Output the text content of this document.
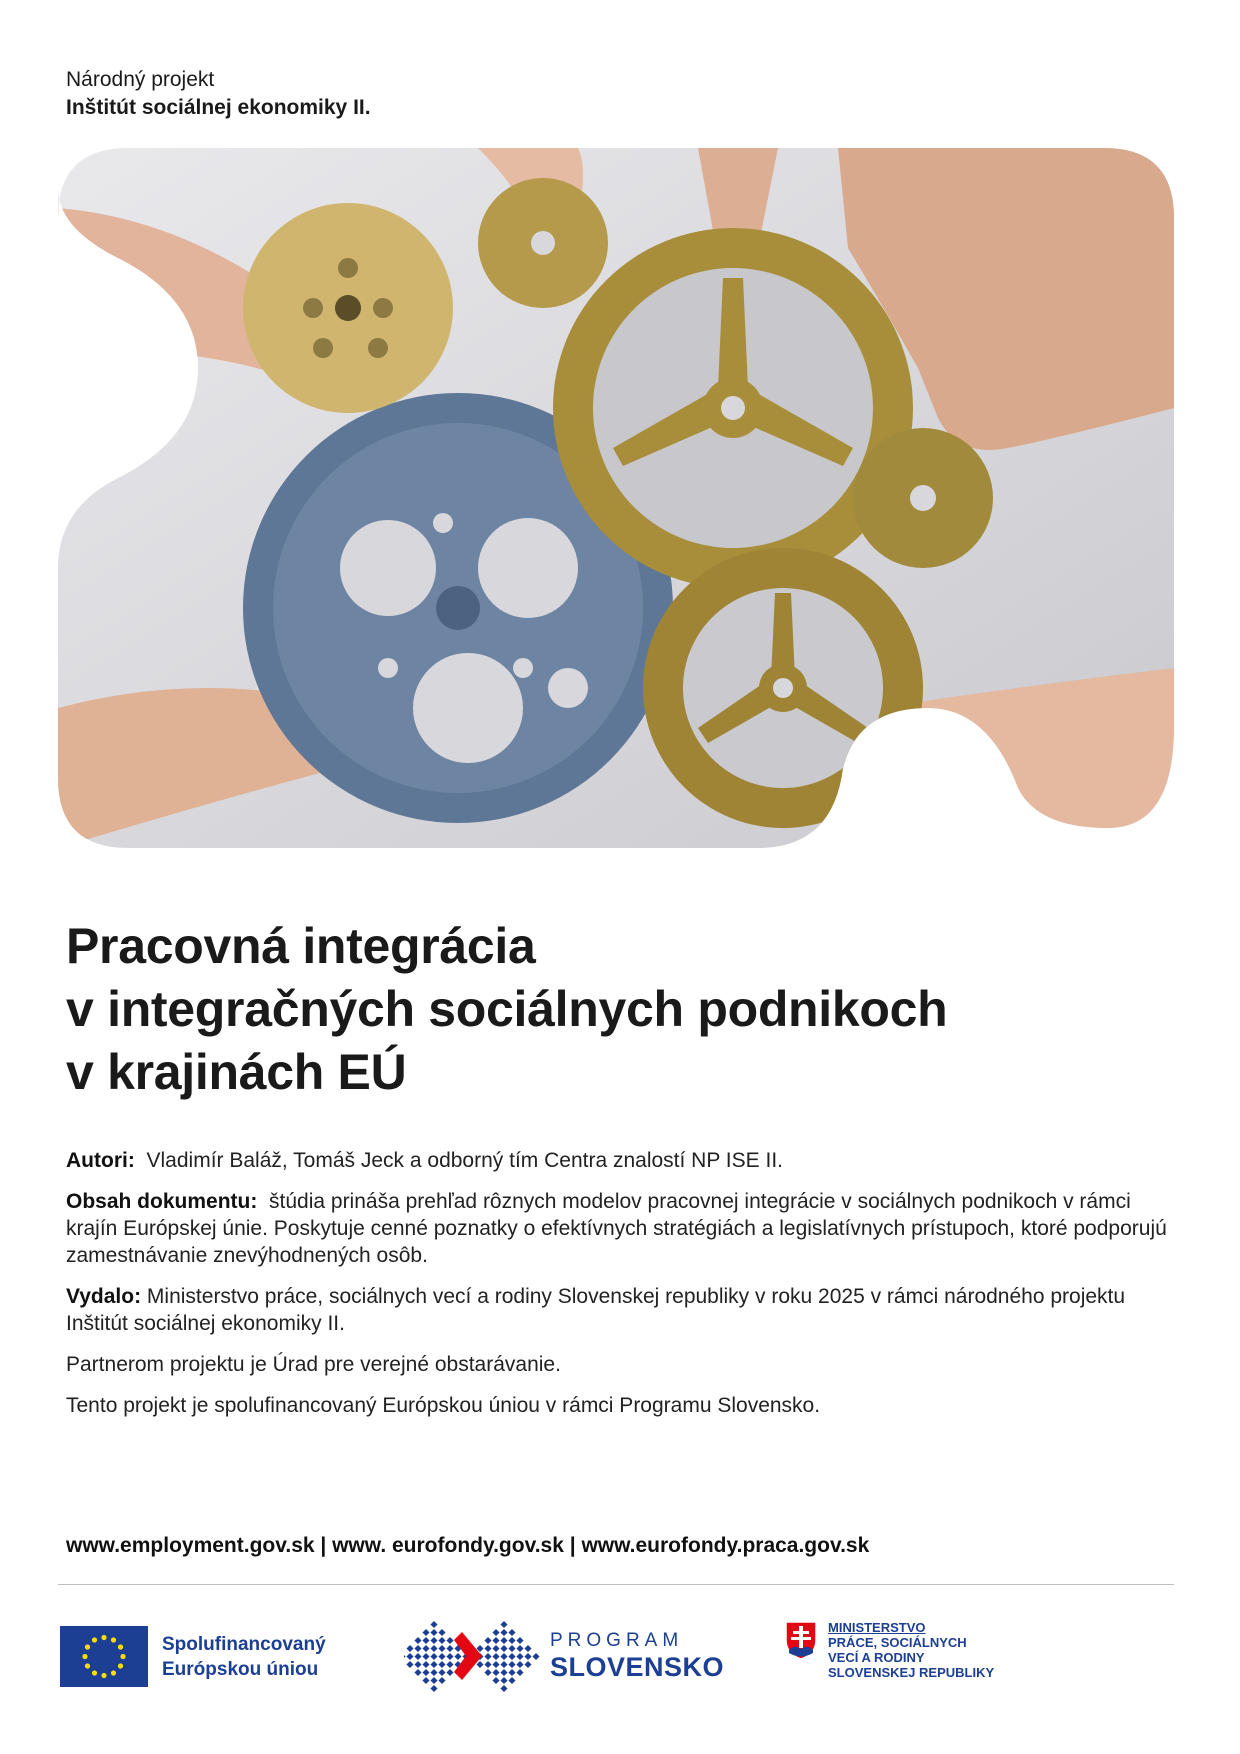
Národný projekt
Inštitút sociálnej ekonomiky II.
Pracovná integrácia
v integračných sociálnych podnikoch
v krajinách EÚ

Autori: Vladimír Baláž, Tomáš Jeck a odborný tím Centra znalostí NP ISE II.

Obsah dokumentu: štúdia prináša prehľad rôznych modelov pracovnej integrácie v sociálnych podnikoch v rámci krajín Európskej únie. Poskytuje cenné poznatky o efektívnych stratégiách a legislatívnych prístupoch, ktoré podporujú zamestnávanie znevýhodnených osôb.

Vydalo: Ministerstvo práce, sociálnych vecí a rodiny Slovenskej republiky v roku 2025 v rámci národného projektu Inštitút sociálnej ekonomiky II.

Partnerom projektu je Úrad pre verejné obstarávanie.

Tento projekt je spolufinancovaný Európskou úniou v rámci Programu Slovensko.

www.employment.gov.sk | www. eurofondy.gov.sk | www.eurofondy.praca.gov.sk
Spolufinancovaný
Európskou úniou
PROGRAM
SLOVENSKO
MINISTERSTVO
PRÁCE, SOCIÁLNYCH
VECÍ A RODINY
SLOVENSKEJ REPUBLIKY
